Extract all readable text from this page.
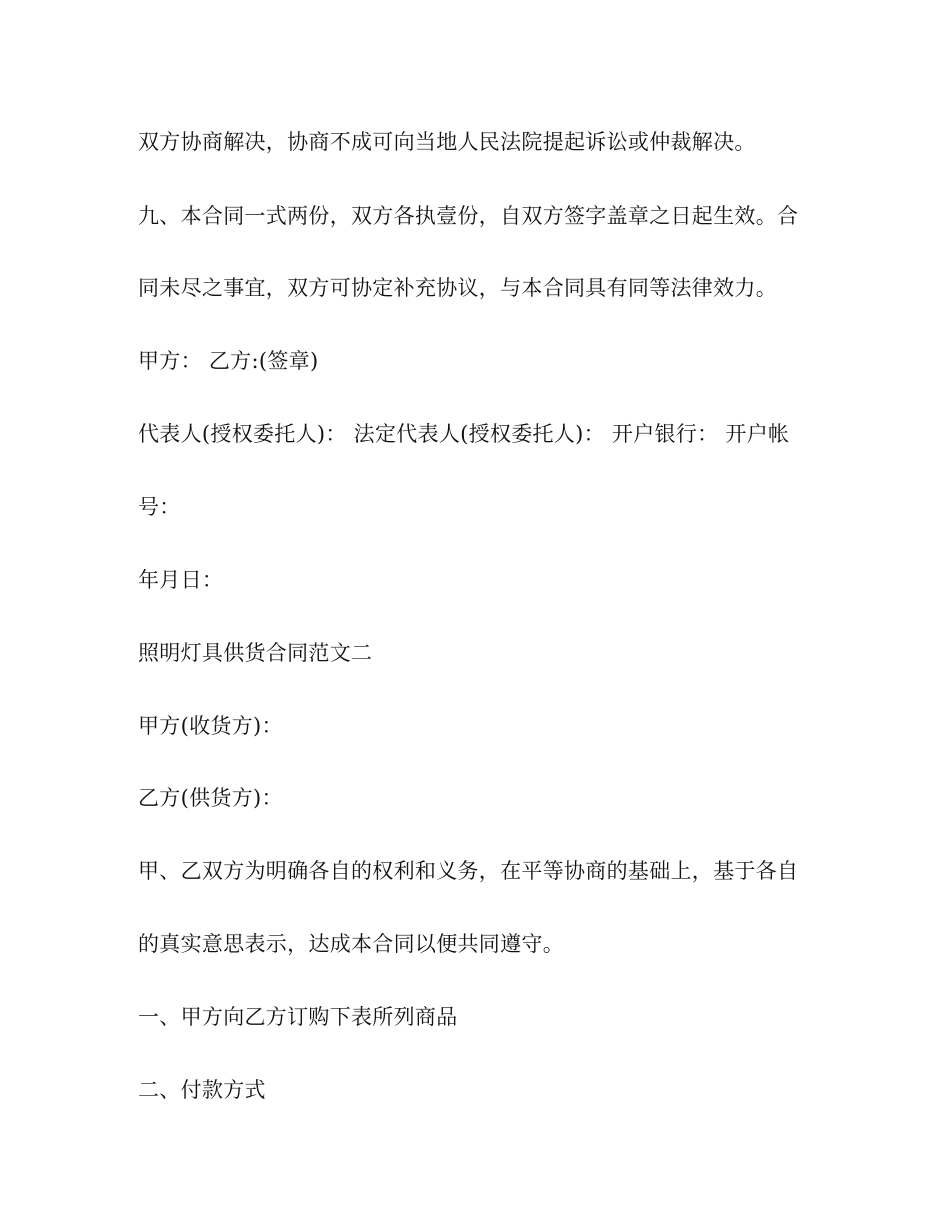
双方协商解决，协商不成可向当地人民法院提起诉讼或仲裁解决。
九、本合同一式两份，双方各执壹份，自双方签字盖章之日起生效。合
同未尽之事宜，双方可协定补充协议，与本合同具有同等法律效力。
甲方： 乙方:(签章)
代表人(授权委托人)： 法定代表人(授权委托人)： 开户银行： 开户帐
号：
年月日：
照明灯具供货合同范文二
甲方(收货方)：
乙方(供货方)：
甲、乙双方为明确各自的权利和义务，在平等协商的基础上，基于各自
的真实意思表示，达成本合同以便共同遵守。
一、甲方向乙方订购下表所列商品
二、付款方式
